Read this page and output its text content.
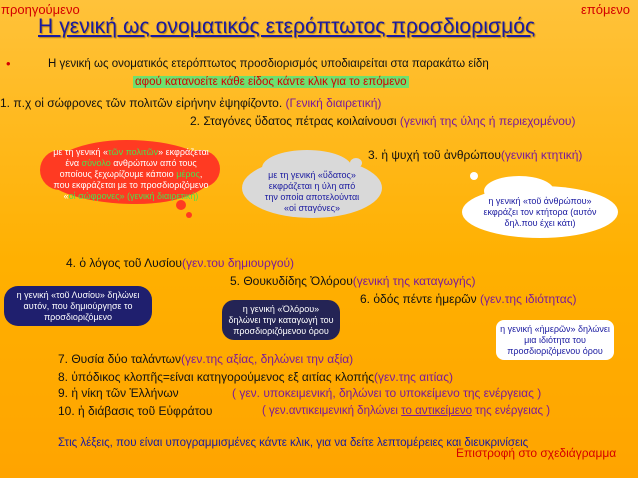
προηγούμενο	επόμενο
Η γενική ως ονοματικός ετερόπτωτος προσδιορισμός
•	Η γενική ως ονοματικός ετερόπτωτος προσδιορισμός υποδιαιρείται στα παρακάτω είδη
αφού κατανοείτε κάθε είδος κάντε κλικ για το επόμενο
1. π.χ οἱ σώφρονες τῶν πολιτῶν εἰρήνην ἐψηφίζοντο. (Γενική διαιρετική)
2. Σταγόνες ὕδατος πέτρας κοιλαίνουσι (γενική της ύλης ή περιεχομένου)
με τη γενική «τῶν πολιτῶν» εκφράζεται ένα σύνολο ανθρώπων από τους οποίους ξεχωρίζουμε κάποιο μέρος, που εκφράζεται με το προσδιοριζόμενο «οἱ σώφρονες» (γενική διαιρετική)
με τη γενική «ὕδατος» εκφράζεται η ύλη από την οποία αποτελούνται «οἱ σταγόνες»
3. ἡ ψυχή τοῦ ἀνθρώπου(γενική κτητική)
η γενική «τοῦ ἀνθρώπου» εκφράζει τον κτήτορα (αυτόν δηλ.που έχει κάτι)
4. ὁ λόγος τοῦ Λυσίου(γεν.του δημιουργού)
5. Θουκυδίδης Ὀλόρου(γενική της καταγωγής)
η γενική «τοῦ Λυσίου» δηλώνει αυτόν, που δημιούργησε το προσδιοριζόμενο
6. ὁδός πέντε ἡμερῶν (γεν.της ιδιότητας)
η γενική «Ὀλόρου» δηλώνει την καταγωγή του προσδιοριζόμενου όρου	η γενική «ἡμερῶν» δηλώνει μια ιδιότητα του προσδιοριζόμενου όρου
7. Θυσία δύο ταλάντων(γεν.της αξίας, δηλώνει την αξία)
8. ὑπόδικος κλοπῆς=είναι κατηγορούμενος εξ αιτίας κλοπής(γεν.της αιτίας)
9. ἡ νίκη τῶν Ἑλλήνων	( γεν. υποκειμενική, δηλώνει το υποκείμενο της ενέργειας )
10. ἡ διάβασις τοῦ Εὐφράτου	( γεν.αντικειμενική δηλώνει το αντικείμενο της ενέργειας )
Στις λέξεις, που είναι υπογραμμισμένες κάντε κλικ, για να δείτε λεπτομέρειες και διευκρινίσεις
Επιστροφή στο σχεδιάγραμμα
